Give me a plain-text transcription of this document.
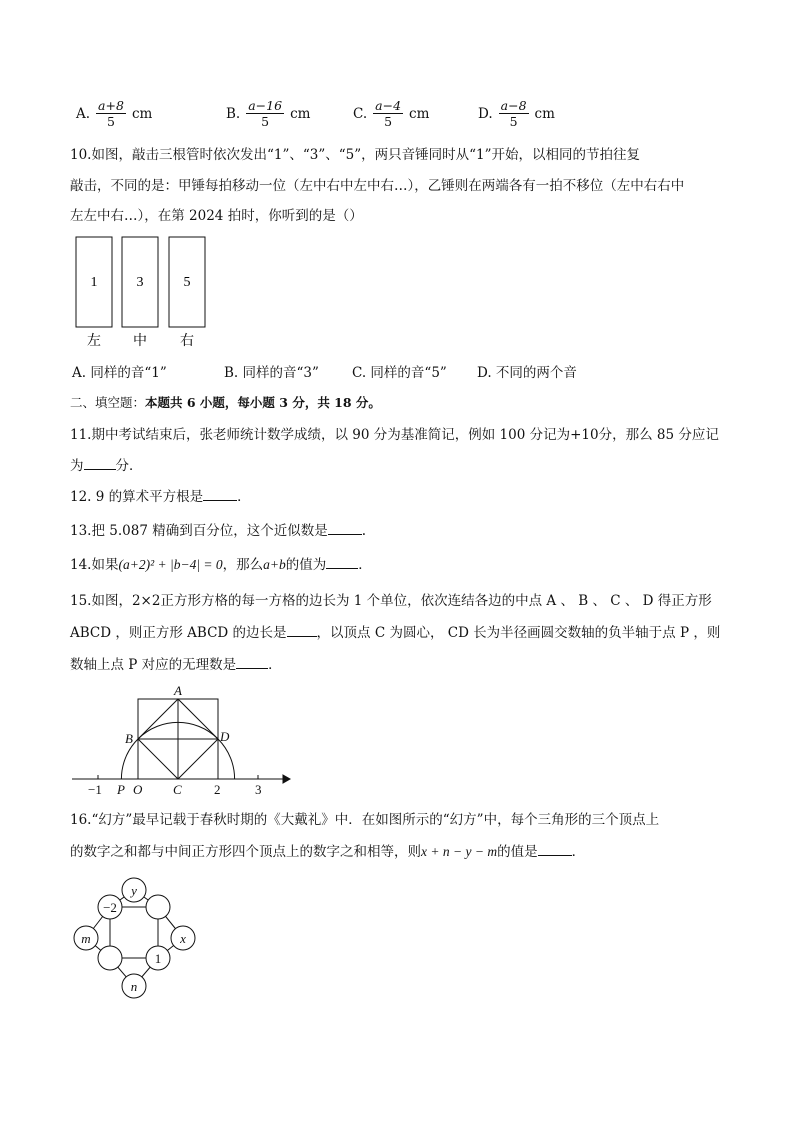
A. $\frac{a+8}{5}$ cm	B. $\frac{a-16}{5}$ cm	C. $\frac{a-4}{5}$ cm	D. $\frac{a-8}{5}$ cm
10.如图，敲击三根管时依次发出“1”、“3”、“5”，两只音锤同时从“1”开始，以相同的节拍往复
敲击，不同的是：甲锤每拍移动一位（左中右中左中右…），乙锤则在两端各有一拍不移位（左中右右中
左左中右…），在第 2024 拍时，你听到的是（）
1	3	5
左 中 右
A. 同样的音“1”	B. 同样的音“3” C. 同样的音“5” D. 不同的两个音
二、填空题：本题共 6 小题，每小题 3 分，共 18 分。
11.期中考试结束后，张老师统计数学成绩，以 90 分为基准简记，例如 100 分记为+10分，那么 85 分应记
为 分．
12. 9 的算术平方根是	．
13.把 5.087 精确到百分位，这个近似数是	.
14.如果(a+2)² + |b−4| = 0，那么a+b的值为 ．
15.如图，2×2正方形方格的每一方格的边长为 1 个单位，依次连结各边的中点 A 、 B 、 C 、 D 得正方形
ABCD ，则正方形 ABCD 的边长是 ，以顶点 C 为圆心， CD 长为半径画圆交数轴的负半轴于点 P ，则
数轴上点 P 对应的无理数是 ．
A
B
C
D
P O
−1	2	3
16.“幻方”最早记载于春秋时期的《大戴礼》中．在如图所示的“幻方”中，每个三角形的三个顶点上
的数字之和都与中间正方形四个顶点上的数字之和相等，则x + n − y − m的值是	．
y
−2
m	x
1
n
